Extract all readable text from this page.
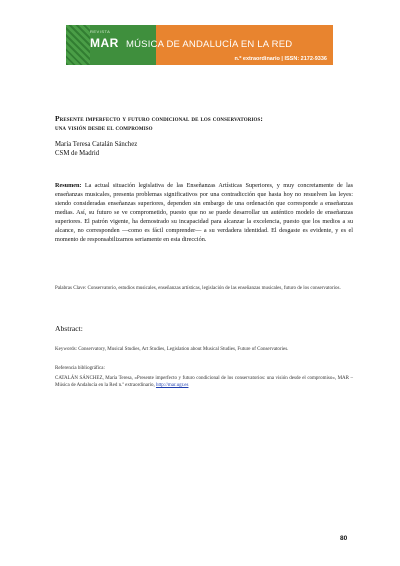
REVISTA
MAR MÚSICA DE ANDALUCÍA EN LA RED
n.º extraordinario | ISSN: 2172-9336
Presente imperfecto y futuro condicional de los conservatorios:
una visión desde el compromiso
María Teresa Catalán Sánchez
CSM de Madrid
Resumen: La actual situación legislativa de las Enseñanzas Artísticas Superiores, y muy concretamente de las enseñanzas musicales, presenta problemas significativos por una contradicción que hasta hoy no resuelven las leyes: siendo consideradas enseñanzas superiores, dependen sin embargo de una ordenación que corresponde a enseñanzas medias. Así, su futuro se ve comprometido, puesto que no se puede desarrollar un auténtico modelo de enseñanzas superiores. El patrón vigente, ha demostrado su incapacidad para alcanzar la excelencia, puesto que los medios a su alcance, no corresponden —como es fácil comprender— a su verdadera identidad. El desgaste es evidente, y es el momento de responsabilizarnos seriamente en esta dirección.
Palabras Clave: Conservatorio, estudios musicales, enseñanzas artísticas, legislación de las enseñanzas musicales, futuro de los conservatorios.
Abstract:
Keywords: Conservatory, Musical Studies, Art Studies, Legislation about Musical Studies, Future of Conservatories.
Referencia bibliográfica:
CATALÁN SÁNCHEZ, María Teresa, «Presente imperfecto y futuro condicional de los conservatorios: una visión desde el compromiso», MAR – Música de Andalucía en la Red n.º extraordinario, http://mar.ugr.es
80
